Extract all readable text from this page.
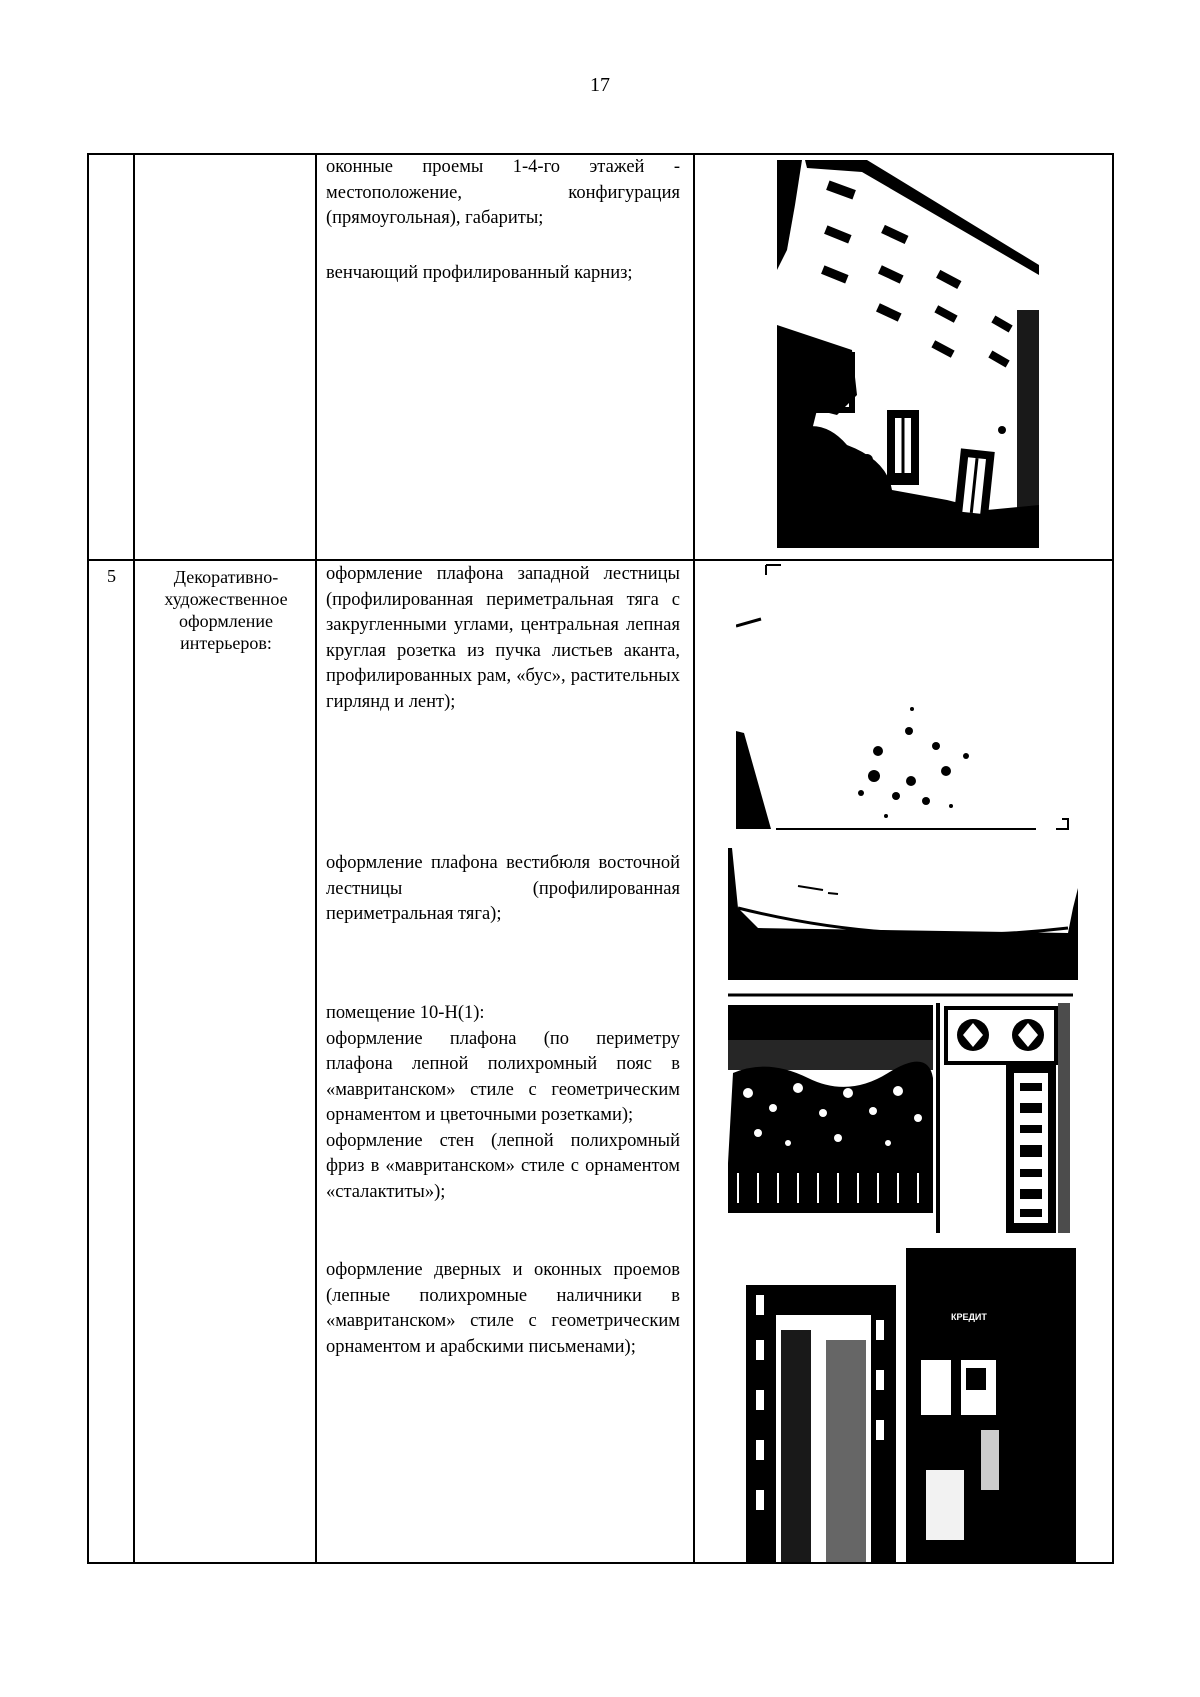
17

оконные проемы 1-4-го этажей - местоположение, конфигурация (прямоугольная), габариты;

венчающий профилированный карниз;

5	Декоративно-художественное оформление интерьеров:

оформление плафона западной лестницы (профилированная периметральная тяга с закругленными углами, центральная лепная круглая розетка из пучка листьев аканта, профилированных рам, «бус», растительных гирлянд и лент);

оформление плафона вестибюля восточной лестницы (профилированная периметральная тяга);

помещение 10-Н(1):
оформление плафона (по периметру плафона лепной полихромный пояс в «мавританском» стиле с геометрическим орнаментом и цветочными розетками);
оформление стен (лепной полихромный фриз в «мавританском» стиле с орнаментом «сталактиты»);

оформление дверных и оконных проемов (лепные полихромные наличники в «мавританском» стиле с геометрическим орнаментом и арабскими письменами);

КРЕДИТ
